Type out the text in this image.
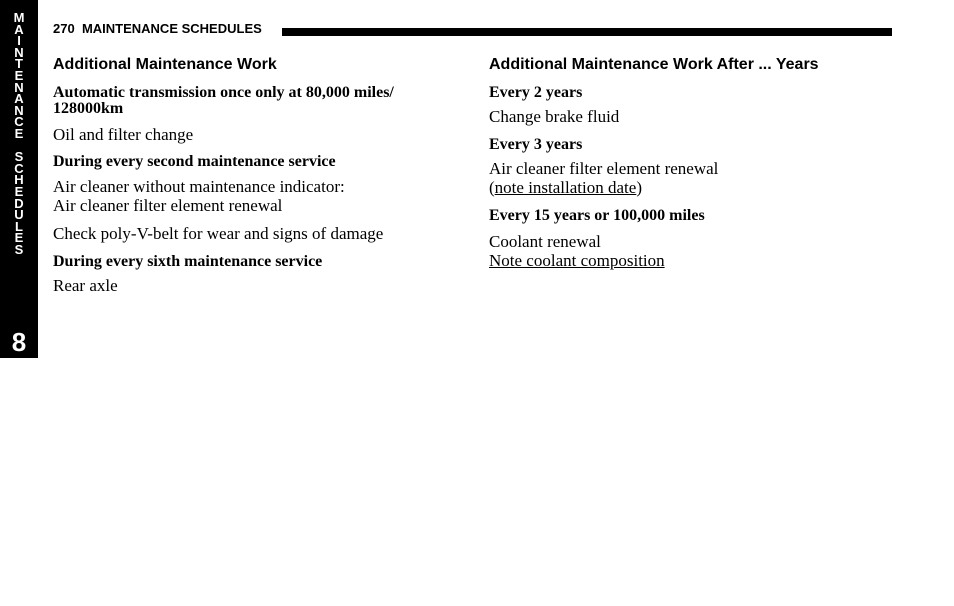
M
A
I
N
T
E
N
A
N
C
E
S
C
H
E
D
U
L
E
S
8
270 MAINTENANCE SCHEDULES
Additional Maintenance Work

Automatic transmission once only at 80,000 miles/ 128000km

Oil and filter change

During every second maintenance service

Air cleaner without maintenance indicator:

Air cleaner filter element renewal

Check poly-V-belt for wear and signs of damage

During every sixth maintenance service

Rear axle

Additional Maintenance Work After ... Years

Every 2 years

Change brake fluid

Every 3 years

Air cleaner filter element renewal

(note installation date)

Every 15 years or 100,000 miles

Coolant renewal

Note coolant composition
